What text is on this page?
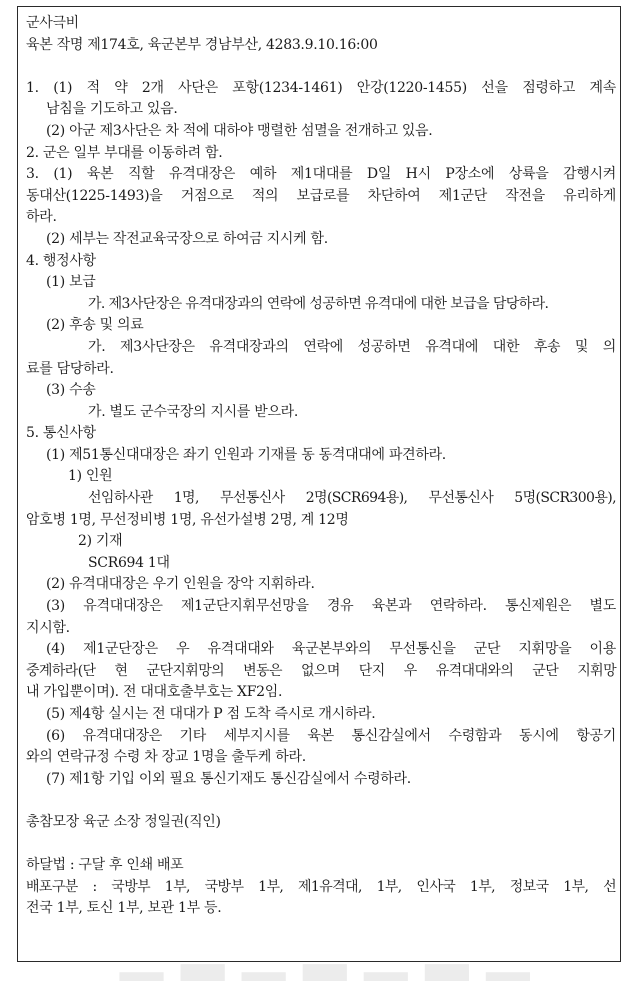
군사극비
육본 작명 제174호, 육군본부 경남부산, 4283.9.10.16:00
1. (1) 적 약 2개 사단은 포항(1234-1461) 안강(1220-1455) 선을 점령하고 계속
남침을 기도하고 있음.
(2) 아군 제3사단은 차 적에 대하야 맹렬한 섬멸을 전개하고 있음.
2. 군은 일부 부대를 이동하려 함.
3. (1) 육본 직할 유격대장은 예하 제1대대를 D일 H시 P장소에 상륙을 감행시켜
동대산(1225-1493)을 거점으로 적의 보급로를 차단하여 제1군단 작전을 유리하게
하라.
(2) 세부는 작전교육국장으로 하여금 지시케 함.
4. 행정사항
(1) 보급
가. 제3사단장은 유격대장과의 연락에 성공하면 유격대에 대한 보급을 담당하라.
(2) 후송 및 의료
가. 제3사단장은 유격대장과의 연락에 성공하면 유격대에 대한 후송 및 의
료를 담당하라.
(3) 수송
가. 별도 군수국장의 지시를 받으라.
5. 통신사항
(1) 제51통신대대장은 좌기 인원과 기재를 동 동격대대에 파견하라.
1) 인원
선임하사관 1명, 무선통신사 2명(SCR694용), 무선통신사 5명(SCR300용),
암호병 1명, 무선정비병 1명, 유선가설병 2명, 계 12명
2) 기재
SCR694 1대
(2) 유격대대장은 우기 인원을 장악 지휘하라.
(3) 유격대대장은 제1군단지휘무선망을 경유 육본과 연락하라. 통신제원은 별도
지시함.
(4) 제1군단장은 우 유격대대와 육군본부와의 무선통신을 군단 지휘망을 이용
중계하라(단 현 군단지휘망의 변동은 없으며 단지 우 유격대대와의 군단 지휘망
내 가입뿐이며). 전 대대호출부호는 XF2임.
(5) 제4항 실시는 전 대대가 P 점 도착 즉시로 개시하라.
(6) 유격대대장은 기타 세부지시를 육본 통신감실에서 수령함과 동시에 항공기
와의 연락규정 수령 차 장교 1명을 출두케 하라.
(7) 제1항 기입 이외 필요 통신기재도 통신감실에서 수령하라.
총참모장 육군 소장 정일권(직인)
하달법 : 구달 후 인쇄 배포
배포구분 : 국방부 1부, 국방부 1부, 제1유격대, 1부, 인사국 1부, 정보국 1부, 선
전국 1부, 토신 1부, 보관 1부 등.
▁▂▁▂▁▂▁
